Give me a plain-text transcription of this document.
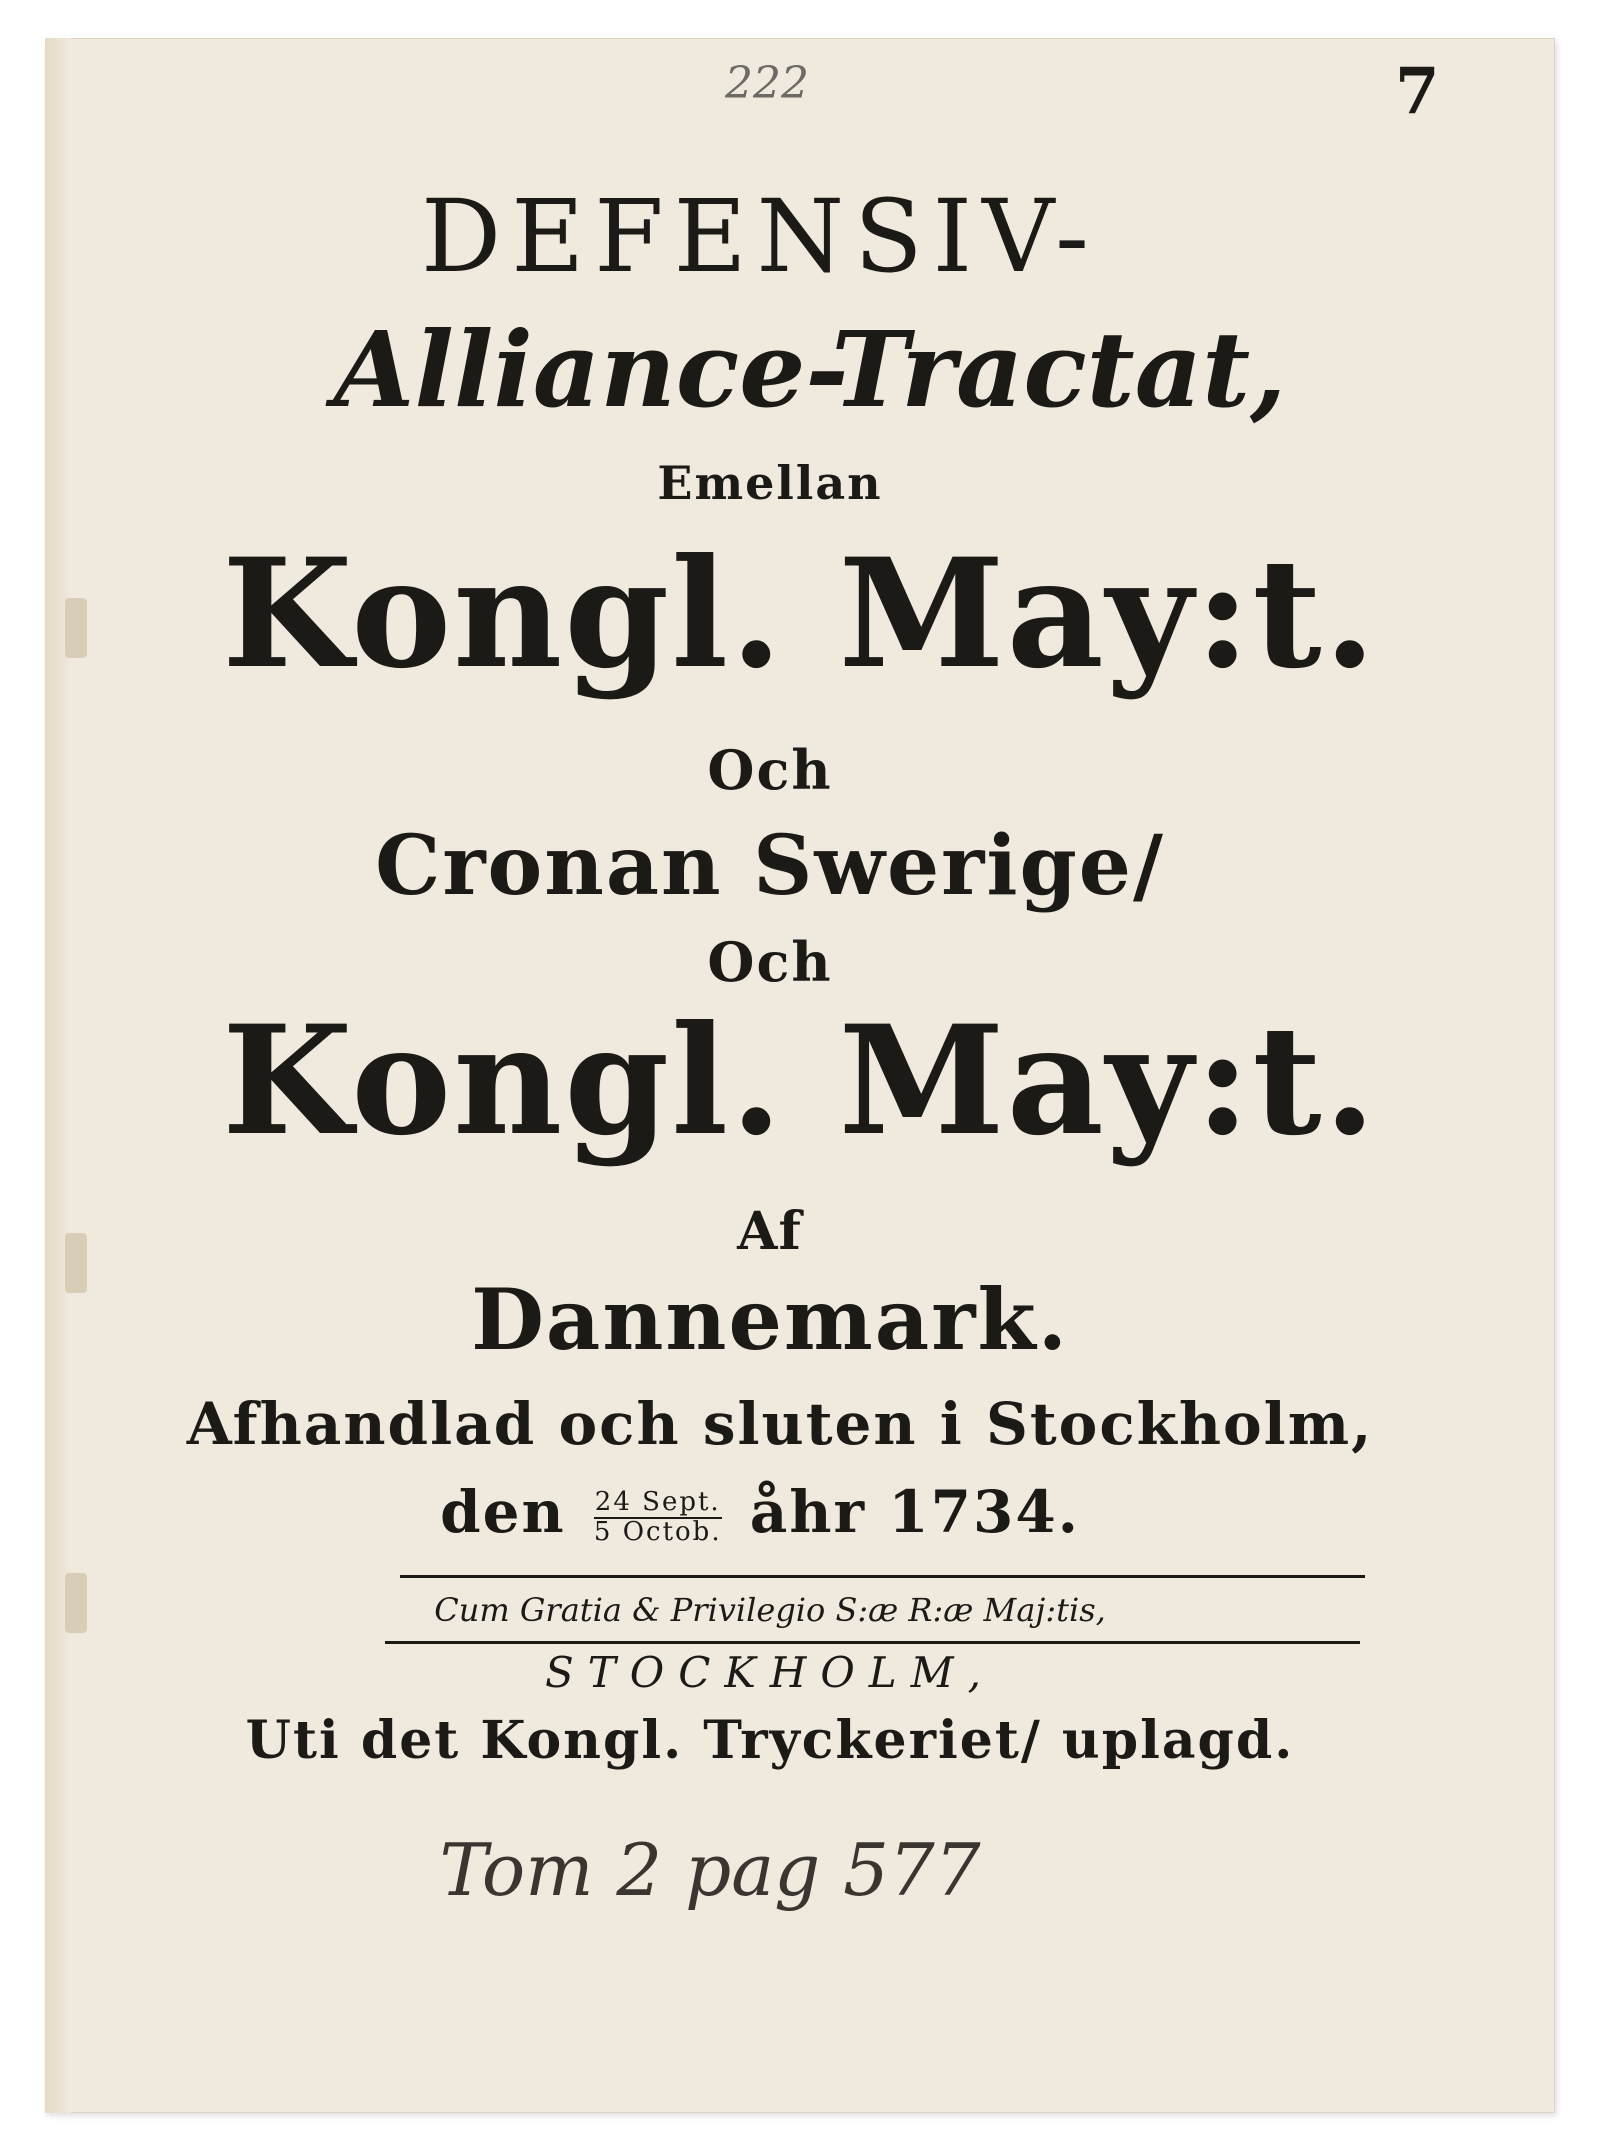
222	7
DEFENSIV-
Alliance-Tractat,
Emellan
Kongl. May:t.
Och
Cronan Swerige/
Och
Kongl. May:t.
Af
Dannemark.
Afhandlad och sluten i Stockholm,
den $\frac{\text{24 Sept.}}{\text{5 Octob.}}$ åhr 1734.
Cum Gratia & Privilegio S:æ R:æ Maj:tis,
STOCKHOLM,
Uti det Kongl. Tryckeriet/ uplagd.
Tom 2 pag 577
